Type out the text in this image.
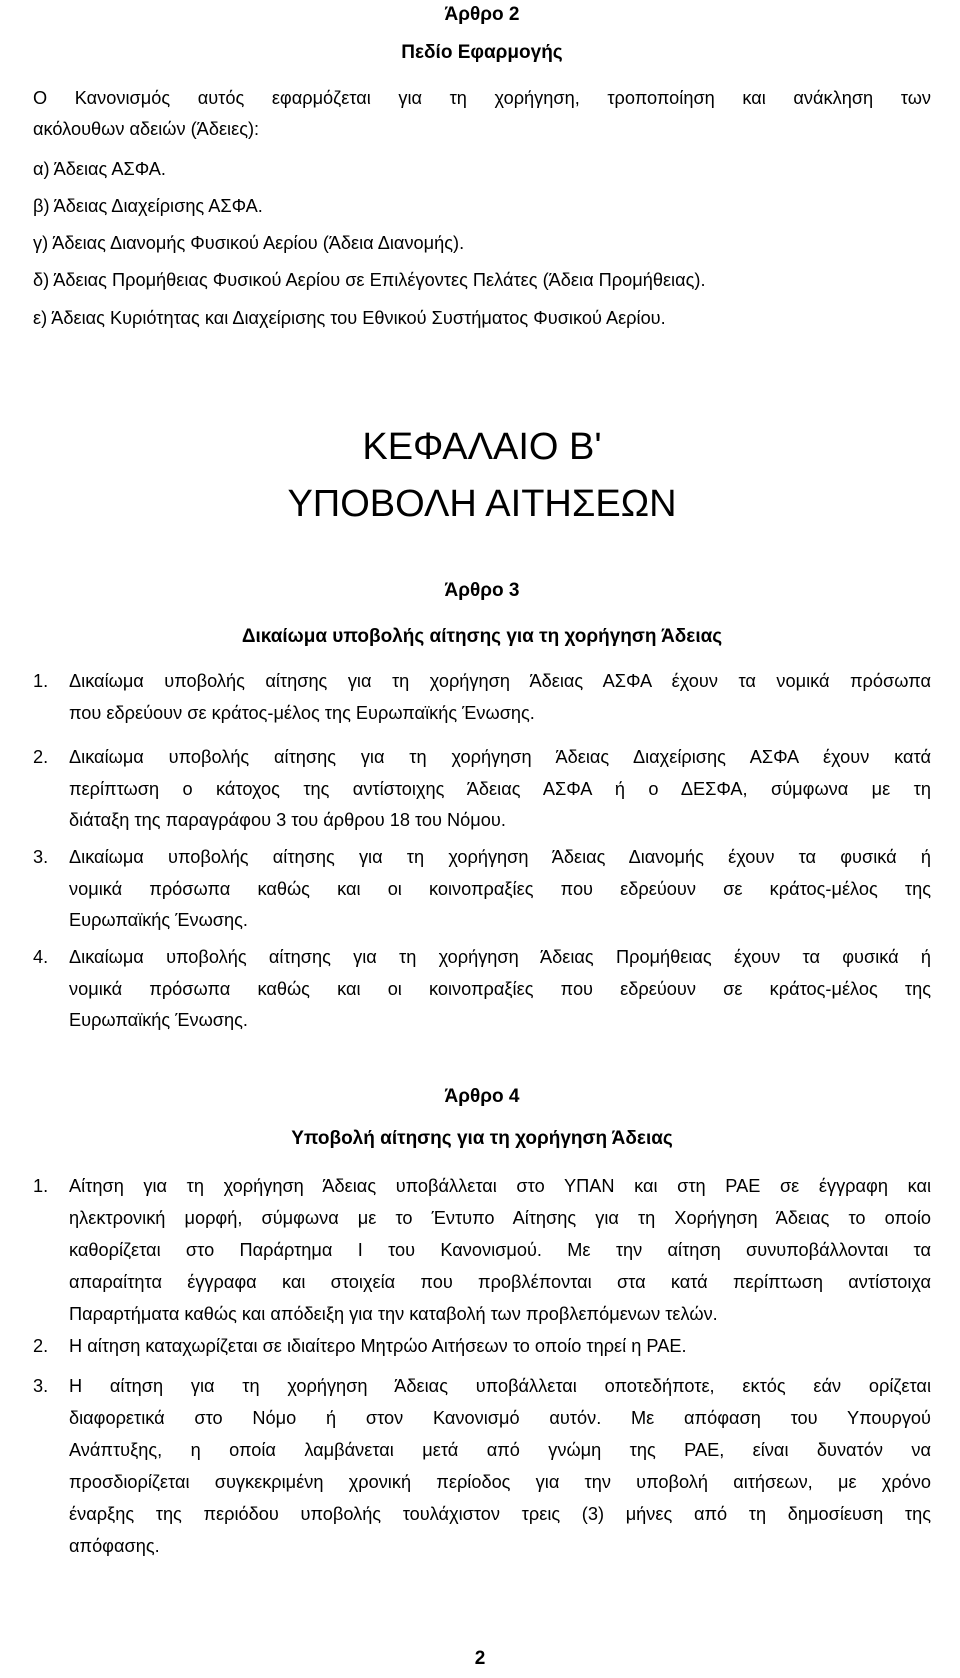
Άρθρο 2
Πεδίο Εφαρμογής
Ο Κανονισμός αυτός εφαρμόζεται για τη χορήγηση, τροποποίηση και ανάκληση των
ακόλουθων αδειών (Άδειες):
α) Άδειας ΑΣΦΑ.
β) Άδειας Διαχείρισης ΑΣΦΑ.
γ) Άδειας Διανομής Φυσικού Αερίου (Άδεια Διανομής).
δ) Άδειας Προμήθειας Φυσικού Αερίου σε Επιλέγοντες Πελάτες (Άδεια Προμήθειας).
ε) Άδειας Κυριότητας και Διαχείρισης του Εθνικού Συστήματος Φυσικού Αερίου.
ΚΕΦΑΛΑΙΟ Β'
ΥΠΟΒΟΛΗ ΑΙΤΗΣΕΩΝ
Άρθρο 3
Δικαίωμα υποβολής αίτησης για τη χορήγηση Άδειας
1. Δικαίωμα υποβολής αίτησης για τη χορήγηση Άδειας ΑΣΦΑ έχουν τα νομικά πρόσωπα
που εδρεύουν σε κράτος-μέλος της Ευρωπαϊκής Ένωσης.
2. Δικαίωμα υποβολής αίτησης για τη χορήγηση Άδειας Διαχείρισης ΑΣΦΑ έχουν κατά
περίπτωση ο κάτοχος της αντίστοιχης Άδειας ΑΣΦΑ ή ο ΔΕΣΦΑ, σύμφωνα με τη
διάταξη της παραγράφου 3 του άρθρου 18 του Νόμου.
3. Δικαίωμα υποβολής αίτησης για τη χορήγηση Άδειας Διανομής έχουν τα φυσικά ή
νομικά πρόσωπα καθώς και οι κοινοπραξίες που εδρεύουν σε κράτος-μέλος της
Ευρωπαϊκής Ένωσης.
4. Δικαίωμα υποβολής αίτησης για τη χορήγηση Άδειας Προμήθειας έχουν τα φυσικά ή
νομικά πρόσωπα καθώς και οι κοινοπραξίες που εδρεύουν σε κράτος-μέλος της
Ευρωπαϊκής Ένωσης.
Άρθρο 4
Υποβολή αίτησης για τη χορήγηση Άδειας
1. Αίτηση για τη χορήγηση Άδειας υποβάλλεται στο ΥΠΑΝ και στη ΡΑΕ σε έγγραφη και
ηλεκτρονική μορφή, σύμφωνα με το Έντυπο Αίτησης για τη Χορήγηση Άδειας το οποίο
καθορίζεται στο Παράρτημα Ι του Κανονισμού. Με την αίτηση συνυποβάλλονται τα
απαραίτητα έγγραφα και στοιχεία που προβλέπονται στα κατά περίπτωση αντίστοιχα
Παραρτήματα καθώς και απόδειξη για την καταβολή των προβλεπόμενων τελών.
2. Η αίτηση καταχωρίζεται σε ιδιαίτερο Μητρώο Αιτήσεων το οποίο τηρεί η ΡΑΕ.
3. Η αίτηση για τη χορήγηση Άδειας υποβάλλεται οποτεδήποτε, εκτός εάν ορίζεται
διαφορετικά στο Νόμο ή στον Κανονισμό αυτόν. Με απόφαση του Υπουργού
Ανάπτυξης, η οποία λαμβάνεται μετά από γνώμη της ΡΑΕ, είναι δυνατόν να
προσδιορίζεται συγκεκριμένη χρονική περίοδος για την υποβολή αιτήσεων, με χρόνο
έναρξης της περιόδου υποβολής τουλάχιστον τρεις (3) μήνες από τη δημοσίευση της
απόφασης.
2
